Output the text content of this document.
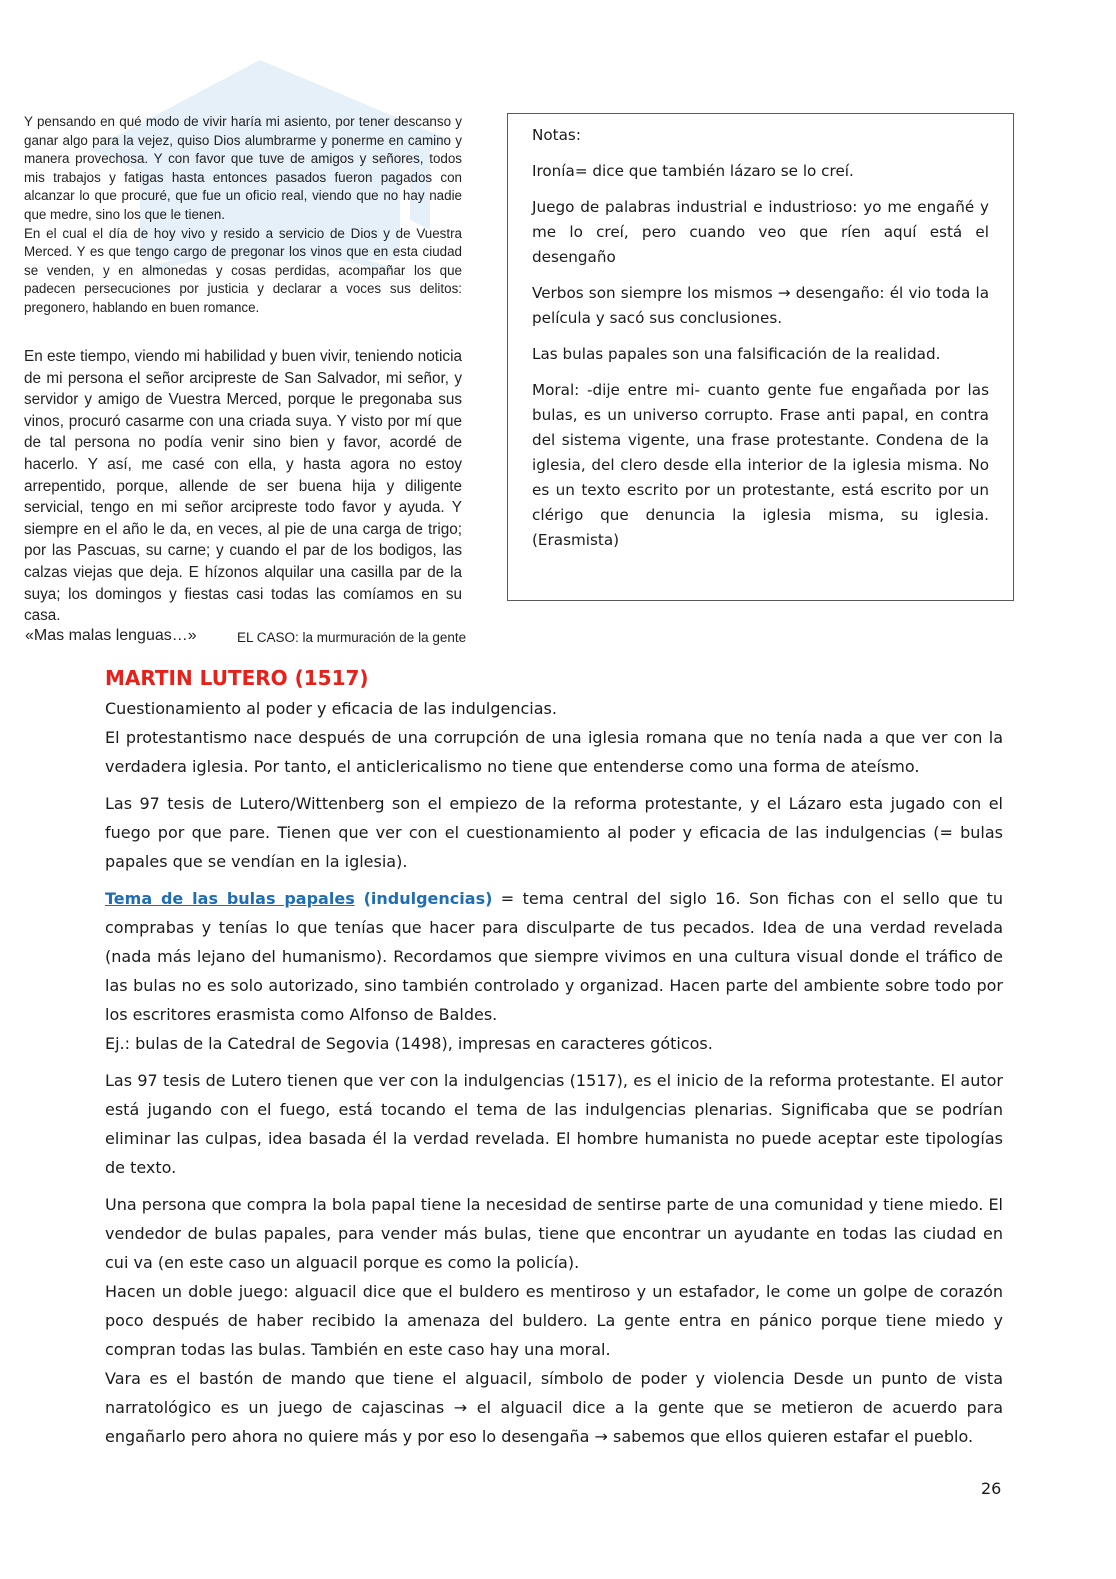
Y pensando en qué modo de vivir haría mi asiento, por tener descanso y ganar algo para la vejez, quiso Dios alumbrarme y ponerme en camino y manera provechosa. Y con favor que tuve de amigos y señores, todos mis trabajos y fatigas hasta entonces pasados fueron pagados con alcanzar lo que procuré, que fue un oficio real, viendo que no hay nadie que medre, sino los que le tienen.

En el cual el día de hoy vivo y resido a servicio de Dios y de Vuestra Merced. Y es que tengo cargo de pregonar los vinos que en esta ciudad se venden, y en almonedas y cosas perdidas, acompañar los que padecen persecuciones por justicia y declarar a voces sus delitos: pregonero, hablando en buen romance.

En este tiempo, viendo mi habilidad y buen vivir, teniendo noticia de mi persona el señor arcipreste de San Salvador, mi señor, y servidor y amigo de Vuestra Merced, porque le pregonaba sus vinos, procuró casarme con una criada suya. Y visto por mí que de tal persona no podía venir sino bien y favor, acordé de hacerlo. Y así, me casé con ella, y hasta agora no estoy arrepentido, porque, allende de ser buena hija y diligente servicial, tengo en mi señor arcipreste todo favor y ayuda. Y siempre en el año le da, en veces, al pie de una carga de trigo; por las Pascuas, su carne; y cuando el par de los bodigos, las calzas viejas que deja. E hízonos alquilar una casilla par de la suya; los domingos y fiestas casi todas las comíamos en su casa.

«Mas malas lenguas…»	EL CASO: la murmuración de la gente

Notas:

Ironía= dice que también lázaro se lo creí.

Juego de palabras industrial e industrioso: yo me engañé y me lo creí, pero cuando veo que ríen aquí está el desengaño

Verbos son siempre los mismos → desengaño: él vio toda la película y sacó sus conclusiones.

Las bulas papales son una falsificación de la realidad.

Moral: -dije entre mi- cuanto gente fue engañada por las bulas, es un universo corrupto. Frase anti papal, en contra del sistema vigente, una frase protestante. Condena de la iglesia, del clero desde ella interior de la iglesia misma. No es un texto escrito por un protestante, está escrito por un clérigo que denuncia la iglesia misma, su iglesia. (Erasmista)

MARTIN LUTERO (1517)

Cuestionamiento al poder y eficacia de las indulgencias.

El protestantismo nace después de una corrupción de una iglesia romana que no tenía nada a que ver con la verdadera iglesia. Por tanto, el anticlericalismo no tiene que entenderse como una forma de ateísmo.

Las 97 tesis de Lutero/Wittenberg son el empiezo de la reforma protestante, y el Lázaro esta jugado con el fuego por que pare. Tienen que ver con el cuestionamiento al poder y eficacia de las indulgencias (= bulas papales que se vendían en la iglesia).

Tema de las bulas papales (indulgencias) = tema central del siglo 16. Son fichas con el sello que tu comprabas y tenías lo que tenías que hacer para disculparte de tus pecados. Idea de una verdad revelada (nada más lejano del humanismo). Recordamos que siempre vivimos en una cultura visual donde el tráfico de las bulas no es solo autorizado, sino también controlado y organizad. Hacen parte del ambiente sobre todo por los escritores erasmista como Alfonso de Baldes.

Ej.: bulas de la Catedral de Segovia (1498), impresas en caracteres góticos.

Las 97 tesis de Lutero tienen que ver con la indulgencias (1517), es el inicio de la reforma protestante. El autor está jugando con el fuego, está tocando el tema de las indulgencias plenarias. Significaba que se podrían eliminar las culpas, idea basada él la verdad revelada. El hombre humanista no puede aceptar este tipologías de texto.

Una persona que compra la bola papal tiene la necesidad de sentirse parte de una comunidad y tiene miedo. El vendedor de bulas papales, para vender más bulas, tiene que encontrar un ayudante en todas las ciudad en cui va (en este caso un alguacil porque es como la policía).

Hacen un doble juego: alguacil dice que el buldero es mentiroso y un estafador, le come un golpe de corazón poco después de haber recibido la amenaza del buldero. La gente entra en pánico porque tiene miedo y compran todas las bulas. También en este caso hay una moral.

Vara es el bastón de mando que tiene el alguacil, símbolo de poder y violencia Desde un punto de vista narratológico es un juego de cajascinas → el alguacil dice a la gente que se metieron de acuerdo para engañarlo pero ahora no quiere más y por eso lo desengaña → sabemos que ellos quieren estafar el pueblo.

26
